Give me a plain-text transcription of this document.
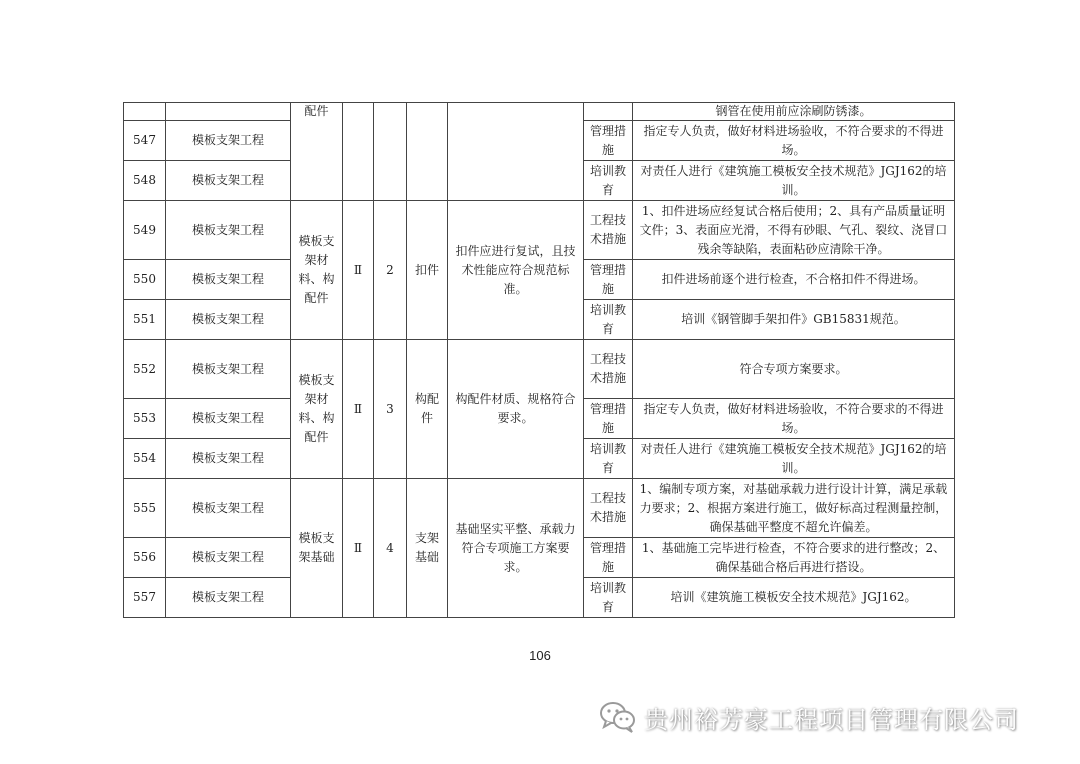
		配件						钢管在使用前应涂刷防锈漆。
547	模板支架工程						管理措施	指定专人负责，做好材料进场验收，不符合要求的不得进场。
548	模板支架工程						培训教育	对责任人进行《建筑施工模板安全技术规范》JGJ162的培训。
549	模板支架工程	模板支架材料、构配件	Ⅱ	2	扣件	扣件应进行复试，且技术性能应符合规范标准。	工程技术措施	1、扣件进场应经复试合格后使用；2、具有产品质量证明文件；3、表面应光滑，不得有砂眼、气孔、裂纹、浇冒口残余等缺陷，表面粘砂应清除干净。
550	模板支架工程						管理措施	扣件进场前逐个进行检查，不合格扣件不得进场。
551	模板支架工程						培训教育	培训《钢管脚手架扣件》GB15831规范。
552	模板支架工程	模板支架材料、构配件	Ⅱ	3	构配件	构配件材质、规格符合要求。	工程技术措施	符合专项方案要求。
553	模板支架工程						管理措施	指定专人负责，做好材料进场验收，不符合要求的不得进场。
554	模板支架工程						培训教育	对责任人进行《建筑施工模板安全技术规范》JGJ162的培训。
555	模板支架工程	模板支架基础	Ⅱ	4	支架基础	基础坚实平整、承载力符合专项施工方案要求。	工程技术措施	1、编制专项方案，对基础承载力进行设计计算，满足承载力要求；2、根据方案进行施工，做好标高过程测量控制，确保基础平整度不超允许偏差。
556	模板支架工程						管理措施	1、基础施工完毕进行检查，不符合要求的进行整改；2、确保基础合格后再进行搭设。
557	模板支架工程						培训教育	培训《建筑施工模板安全技术规范》JGJ162。
106
贵州裕芳豪工程项目管理有限公司
